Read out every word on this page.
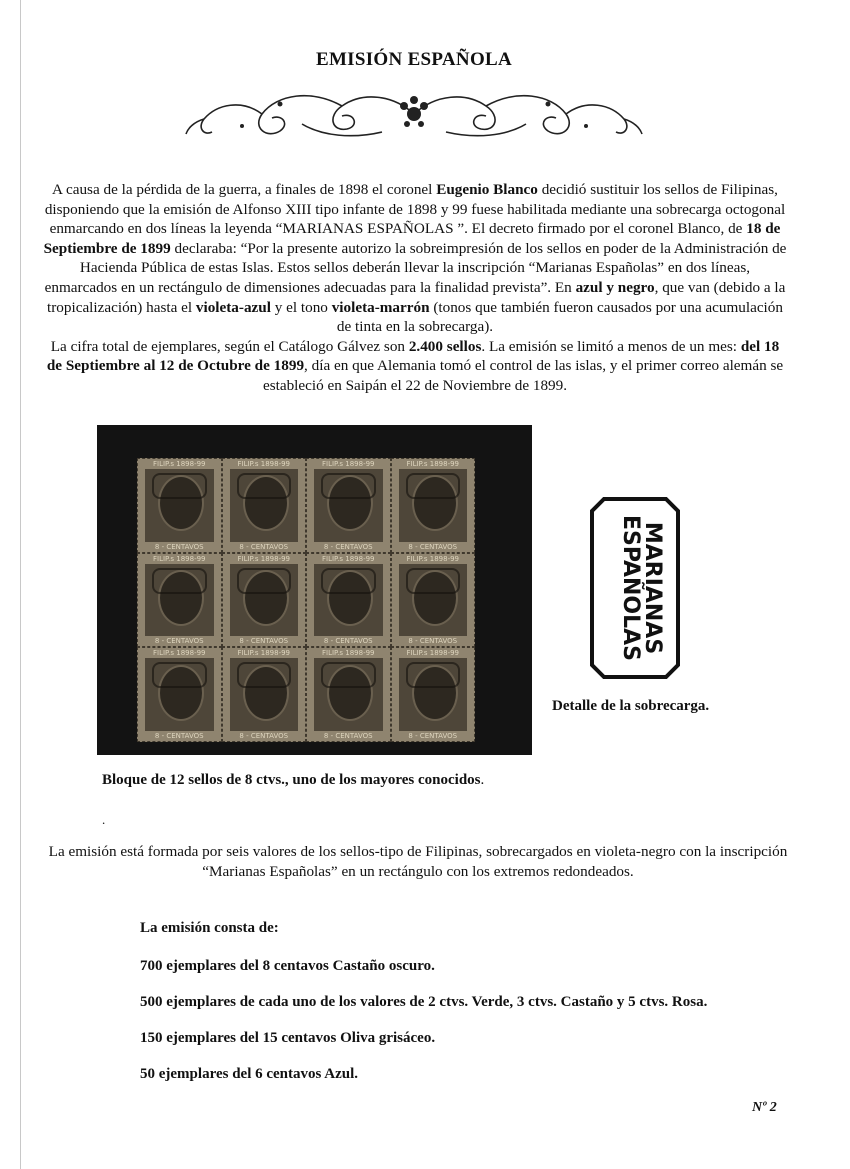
EMISIÓN ESPAÑOLA

A causa de la pérdida de la guerra, a finales de 1898 el coronel Eugenio Blanco decidió sustituir los sellos de Filipinas, disponiendo que la emisión de Alfonso XIII tipo infante de 1898 y 99 fuese habilitada mediante una sobrecarga octogonal enmarcando en dos líneas la leyenda “MARIANAS ESPAÑOLAS ”. El decreto firmado por el coronel Blanco, de 18 de Septiembre de 1899 declaraba: “Por la presente autorizo la sobreimpresión de los sellos en poder de la Administración de Hacienda Pública de estas Islas. Estos sellos deberán llevar la inscripción “Marianas Españolas” en dos líneas, enmarcados en un rectángulo de dimensiones adecuadas para la finalidad prevista”. En azul y negro, que van (debido a la tropicalización) hasta el violeta-azul y el tono violeta-marrón (tonos que también fueron causados por una acumulación de tinta en la sobrecarga).

La cifra total de ejemplares, según el Catálogo Gálvez son 2.400 sellos. La emisión se limitó a menos de un mes: del 18 de Septiembre al 12 de Octubre de 1899, día en que Alemania tomó el control de las islas, y el primer correo alemán se estableció en Saipán el 22 de Noviembre de 1899.

FILIP.s 1898-99
8 - CENTAVOS
FILIP.s 1898-99
8 - CENTAVOS
FILIP.s 1898-99
8 - CENTAVOS
FILIP.s 1898-99
8 - CENTAVOS
FILIP.s 1898-99
8 - CENTAVOS
FILIP.s 1898-99
8 - CENTAVOS
FILIP.s 1898-99
8 - CENTAVOS
FILIP.s 1898-99
8 - CENTAVOS
FILIP.s 1898-99
8 - CENTAVOS
FILIP.s 1898-99
8 - CENTAVOS
FILIP.s 1898-99
8 - CENTAVOS
FILIP.s 1898-99
8 - CENTAVOS
MARIANAS
ESPAÑOLAS
Detalle de la sobrecarga.
Bloque de 12 sellos de 8 ctvs., uno de los mayores conocidos.
.
La emisión está formada por seis valores de los sellos-tipo de Filipinas, sobrecargados en violeta-negro con la inscripción “Marianas Españolas” en un rectángulo con los extremos redondeados.
La emisión consta de:
700 ejemplares del 8 centavos Castaño oscuro.
500 ejemplares de cada uno de los valores de 2 ctvs. Verde, 3 ctvs. Castaño y 5 ctvs. Rosa.
150 ejemplares del 15 centavos Oliva grisáceo.
50 ejemplares del 6 centavos Azul.
Nº 2
